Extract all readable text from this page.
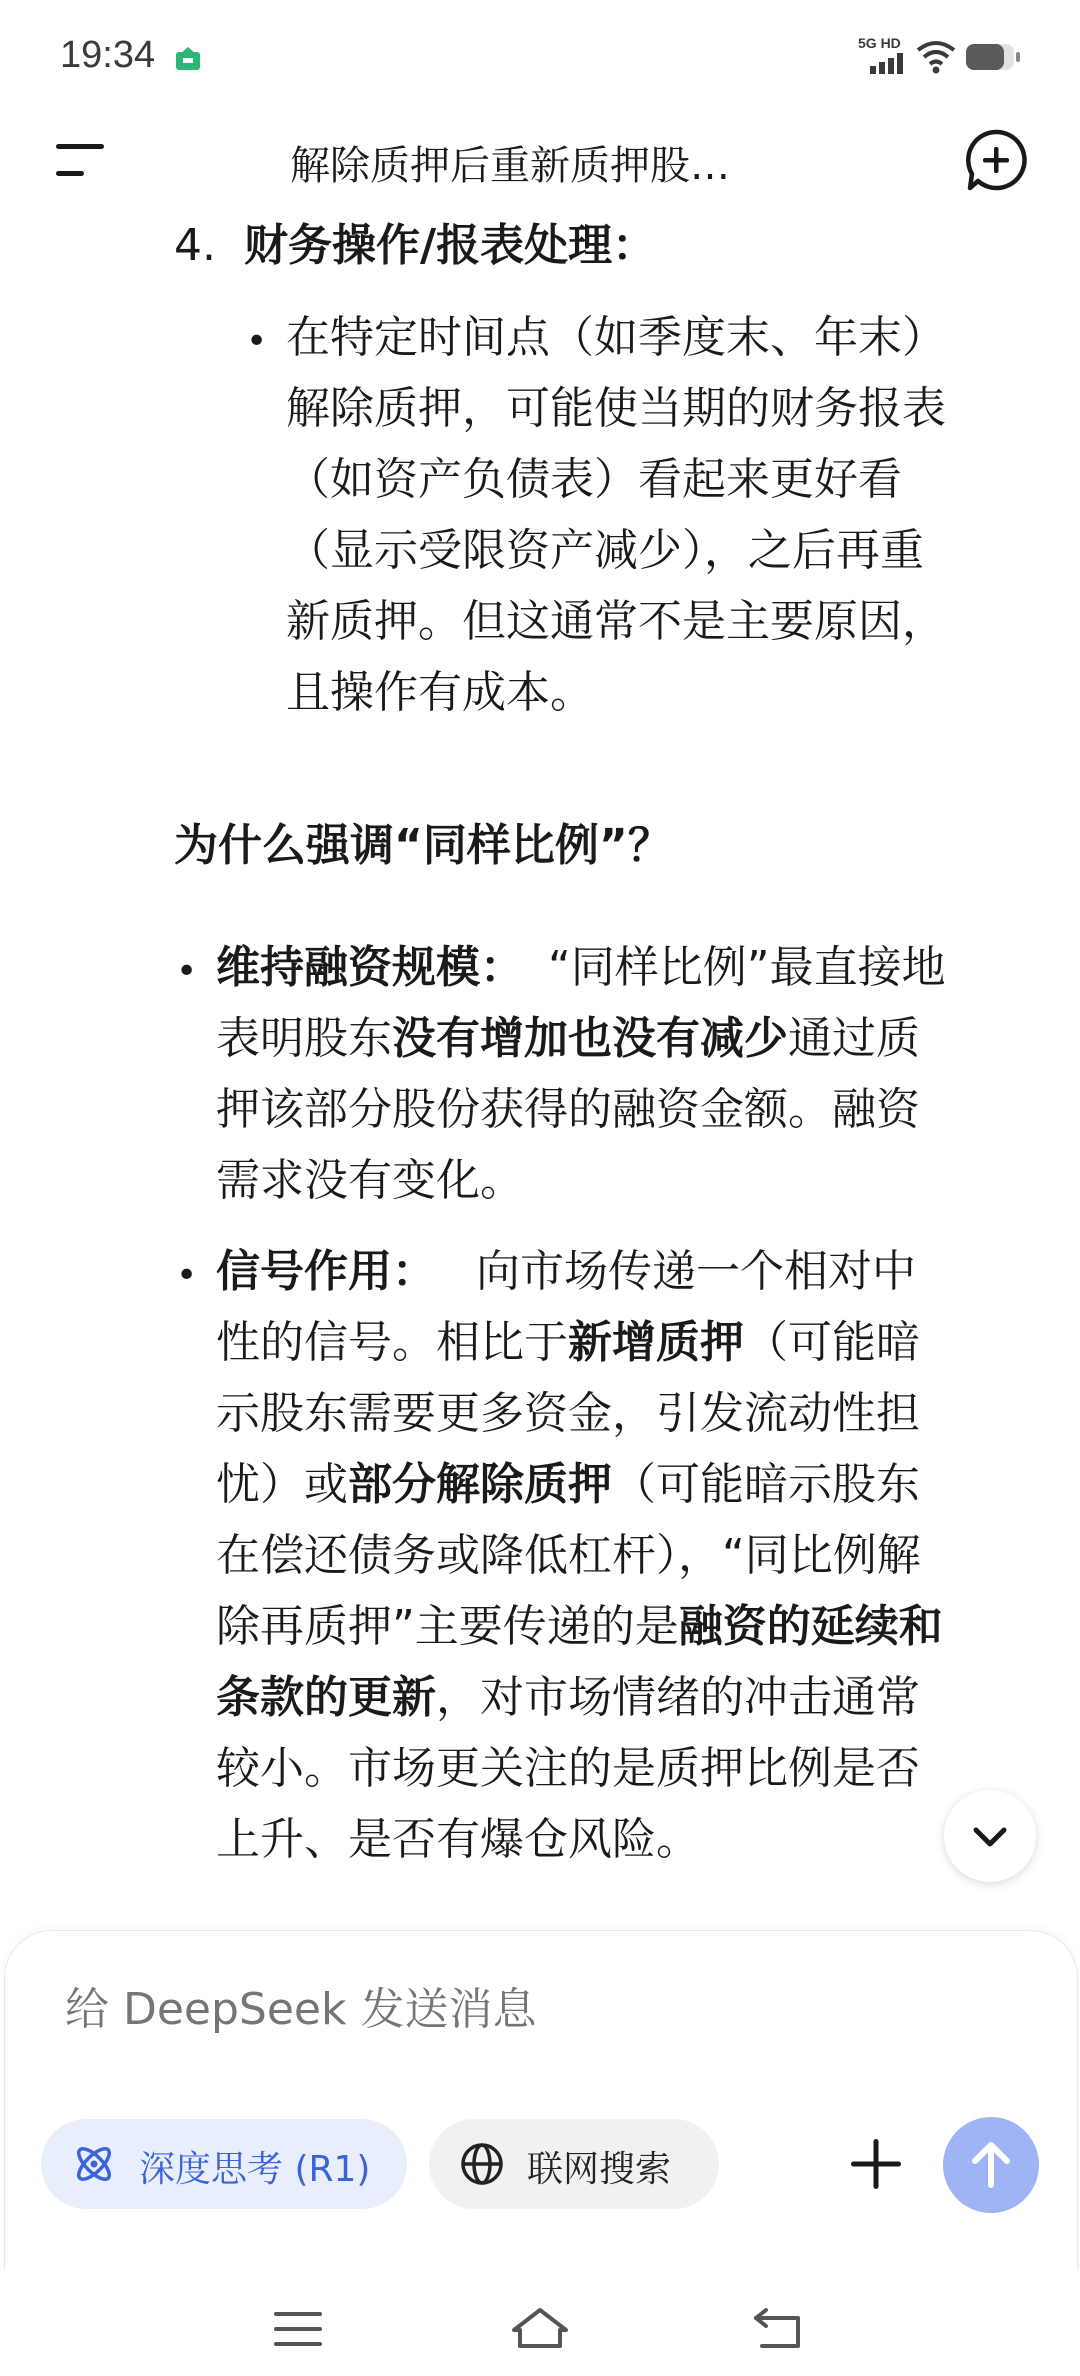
19:34	5G HD
解除质押后重新质押股…
4. 财务操作/报表处理：
• 在特定时间点（如季度末、年末）
解除质押，可能使当期的财务报表
（如资产负债表）看起来更好看
（显示受限资产减少），之后再重
新质押。但这通常不是主要原因，
且操作有成本。
为什么强调“同样比例”？
• 维持融资规模： “同样比例”最直接地
表明股东没有增加也没有减少通过质
押该部分股份获得的融资金额。融资
需求没有变化。
• 信号作用： 向市场传递一个相对中
性的信号。相比于新增质押（可能暗
示股东需要更多资金，引发流动性担
忧）或部分解除质押（可能暗示股东
在偿还债务或降低杠杆），“同比例解
除再质押”主要传递的是融资的延续和
条款的更新，对市场情绪的冲击通常
较小。市场更关注的是质押比例是否
上升、是否有爆仓风险。
给 DeepSeek 发送消息
深度思考 (R1)	联网搜索
